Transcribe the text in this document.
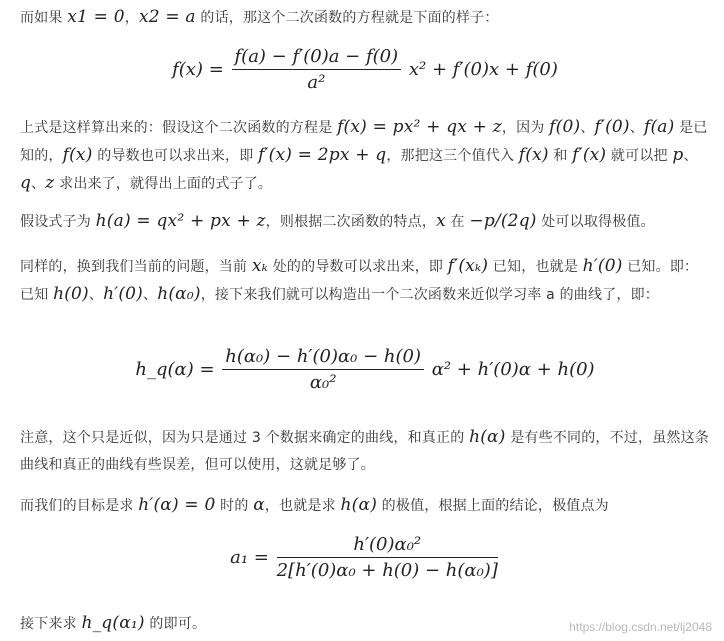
而如果 x1 = 0，x2 = a 的话，那这个二次函数的方程就是下面的样子：

$f(x) = \frac{f(a) - f'(0)a - f(0)}{\text{a²}} x^2 + f'(0)x + f(0)$

上式是这样算出来的：假设这个二次函数的方程是 f(x) = px² + qx + z，因为 f(0)、f′(0)、f(a) 是已知的，f(x) 的导数也可以求出来，即 f′(x) = 2px + q，那把这三个值代入 f(x) 和 f′(x) 就可以把 p、q、z 求出来了，就得出上面的式子了。

假设式子为 h(a) = qx² + px + z，则根据二次函数的特点，x 在 −p/(2q) 处可以取得极值。

同样的，换到我们当前的问题，当前 xₖ 处的的导数可以求出来，即 f′(xₖ) 已知，也就是 h′(0) 已知。即：已知 h(0)、h′(0)、h(α₀)，接下来我们就可以构造出一个二次函数来近似学习率 a 的曲线了，即：

h_q(α) = $\frac{\text{h(α₀) − h′(0)α₀ − h(0)}}{\text{α₀²}} \alpha^2 + h'(0)\alpha + h(0)$

注意，这个只是近似，因为只是通过 3 个数据来确定的曲线，和真正的 h(α) 是有些不同的，不过，虽然这条曲线和真正的曲线有些误差，但可以使用，这就足够了。

而我们的目标是求 h′(α) = 0 时的 α，也就是求 h(α) 的极值，根据上面的结论，极值点为

$a_1 = \frac{\text{h′(0)α₀²}}{\text{2[h′(0)α₀ + h(0) − h(α₀)]}}$

接下来求 h_q(α₁) 的即可。	https://blog.csdn.net/lj2048
